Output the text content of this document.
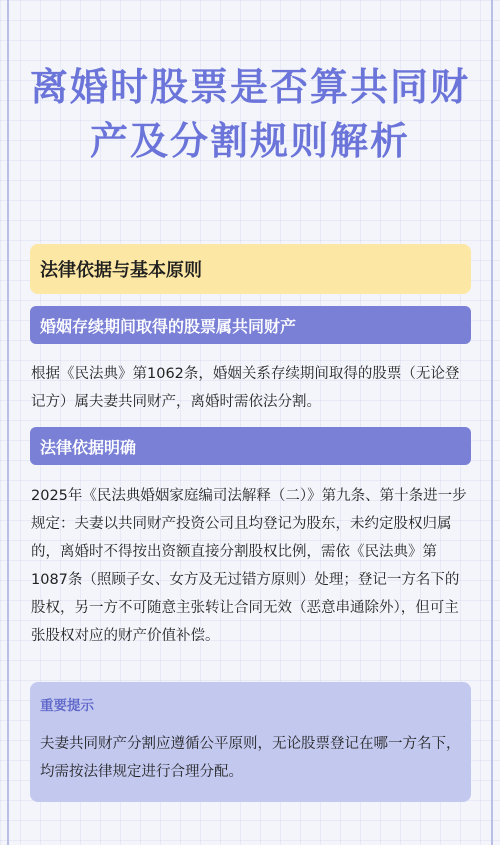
离婚时股票是否算共同财产及分割规则解析
法律依据与基本原则
婚姻存续期间取得的股票属共同财产
根据《民法典》第1062条，婚姻关系存续期间取得的股票（无论登记方）属夫妻共同财产，离婚时需依法分割。
法律依据明确
2025年《民法典婚姻家庭编司法解释（二）》第九条、第十条进一步规定：夫妻以共同财产投资公司且均登记为股东，未约定股权归属的，离婚时不得按出资额直接分割股权比例，需依《民法典》第1087条（照顾子女、女方及无过错方原则）处理；登记一方名下的股权，另一方不可随意主张转让合同无效（恶意串通除外），但可主张股权对应的财产价值补偿。
重要提示
夫妻共同财产分割应遵循公平原则，无论股票登记在哪一方名下，均需按法律规定进行合理分配。
